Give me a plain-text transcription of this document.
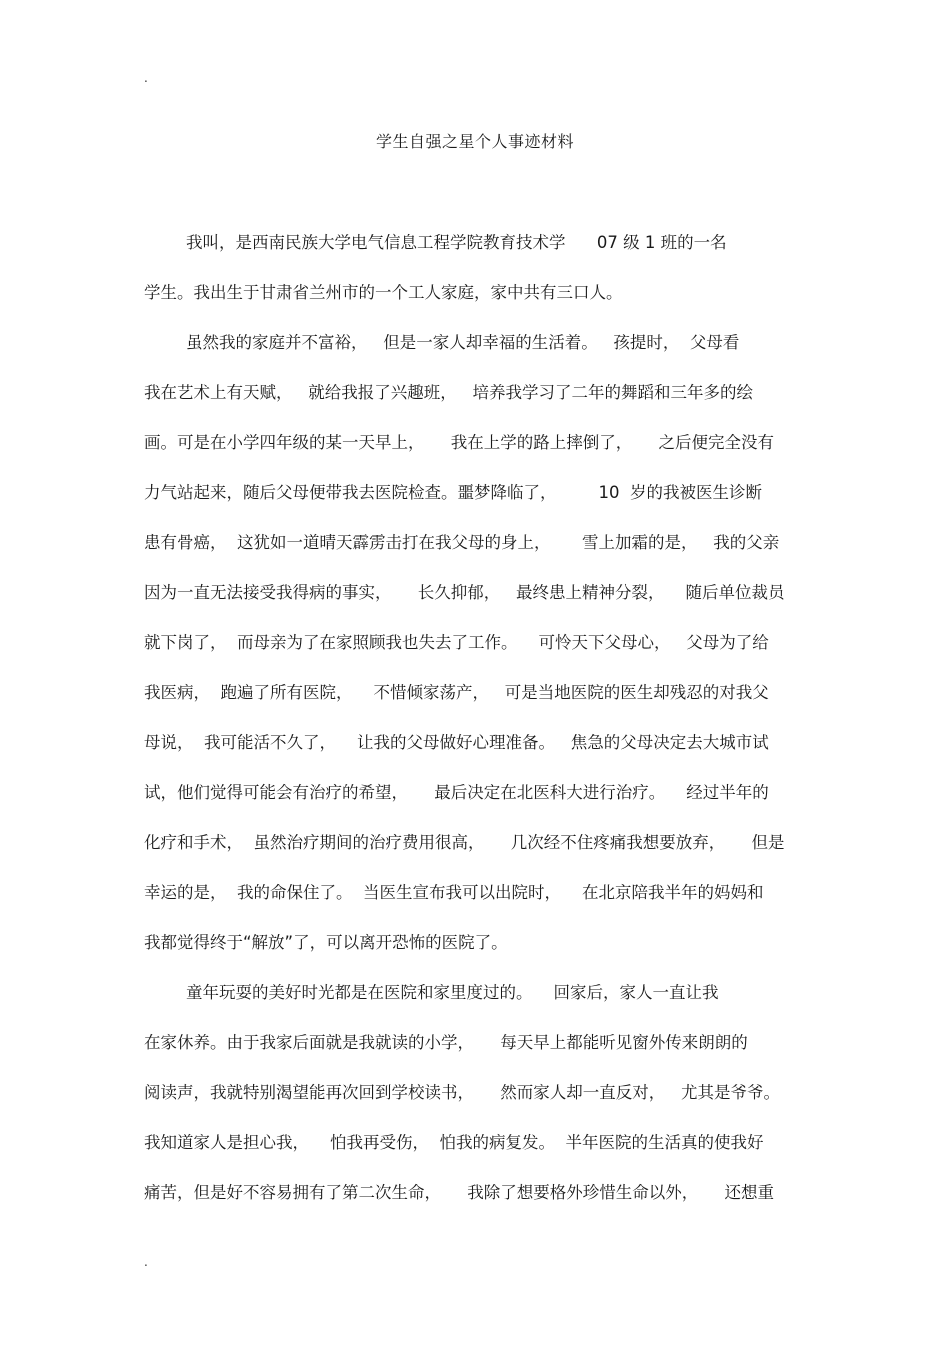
.
学生自强之星个人事迹材料
我叫，是西南民族大学电气信息工程学院教育技术学      07 级 1 班的一名
学生。我出生于甘肃省兰州市的一个工人家庭，家中共有三口人。
虽然我的家庭并不富裕，   但是一家人却幸福的生活着。   孩提时，  父母看
我在艺术上有天赋，   就给我报了兴趣班，   培养我学习了二年的舞蹈和三年多的绘
画。可是在小学四年级的某一天早上，     我在上学的路上摔倒了，     之后便完全没有
力气站起来，随后父母便带我去医院检查。噩梦降临了，        10  岁的我被医生诊断
患有骨癌，  这犹如一道晴天霹雳击打在我父母的身上，      雪上加霜的是，   我的父亲
因为一直无法接受我得病的事实，     长久抑郁，   最终患上精神分裂，    随后单位裁员
就下岗了，  而母亲为了在家照顾我也失去了工作。    可怜天下父母心，   父母为了给
我医病，  跑遍了所有医院，    不惜倾家荡产，   可是当地医院的医生却残忍的对我父
母说，  我可能活不久了，    让我的父母做好心理准备。   焦急的父母决定去大城市试
试，他们觉得可能会有治疗的希望，     最后决定在北医科大进行治疗。    经过半年的
化疗和手术，  虽然治疗期间的治疗费用很高，     几次经不住疼痛我想要放弃，     但是
幸运的是，  我的命保住了。  当医生宣布我可以出院时，    在北京陪我半年的妈妈和
我都觉得终于“解放”了，可以离开恐怖的医院了。
童年玩耍的美好时光都是在医院和家里度过的。    回家后，家人一直让我
在家休养。由于我家后面就是我就读的小学，     每天早上都能听见窗外传来朗朗的
阅读声，我就特别渴望能再次回到学校读书，     然而家人却一直反对，   尤其是爷爷。
我知道家人是担心我，    怕我再受伤，  怕我的病复发。  半年医院的生活真的使我好
痛苦，但是好不容易拥有了第二次生命，     我除了想要格外珍惜生命以外，     还想重
.
